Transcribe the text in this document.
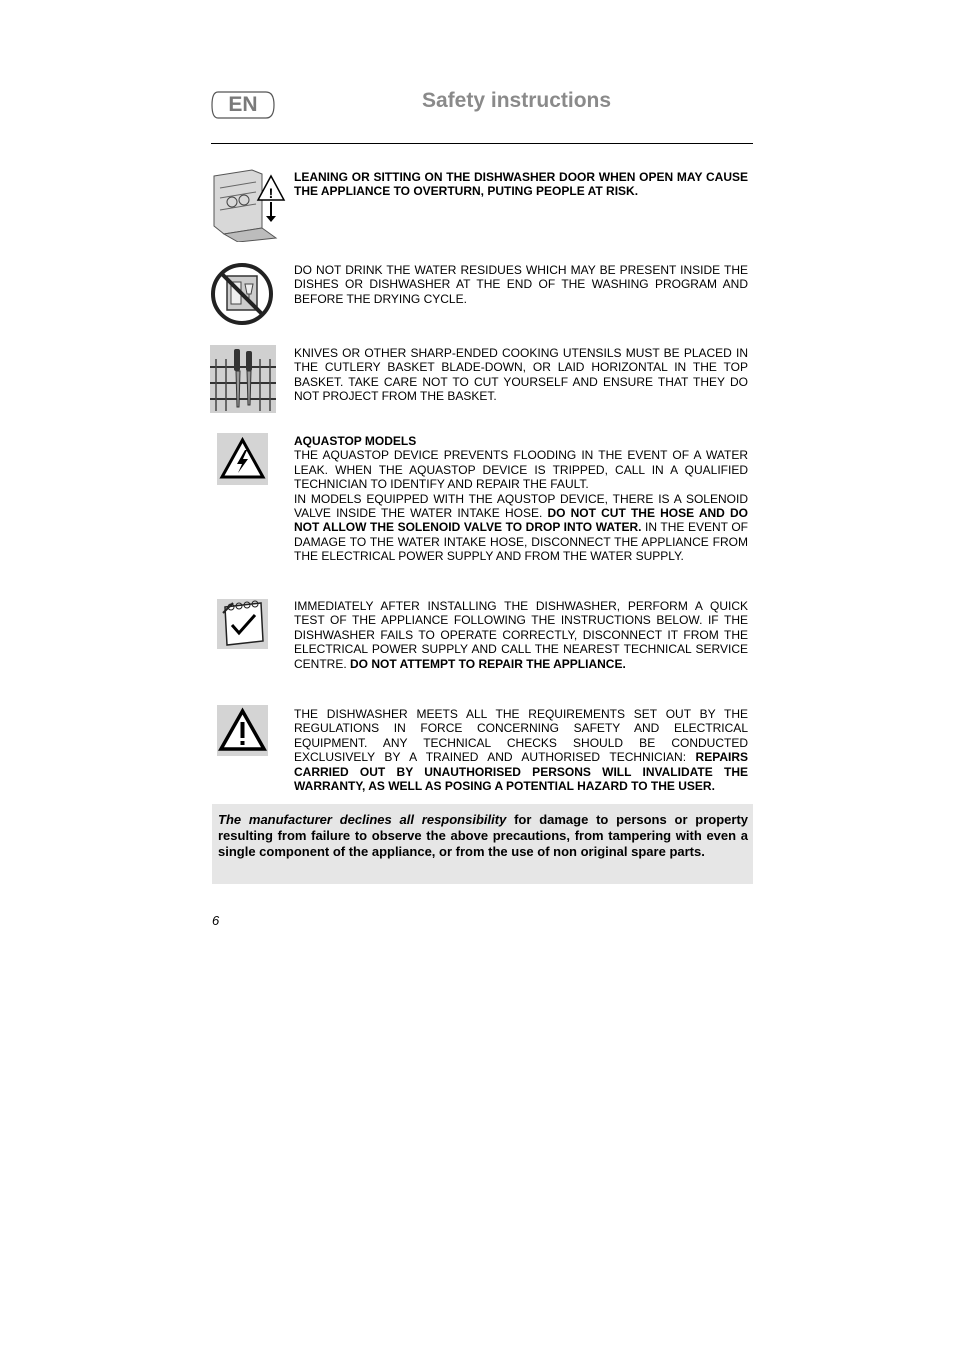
EN	Safety instructions
!

LEANING OR SITTING ON THE DISHWASHER DOOR WHEN OPEN MAY CAUSE THE APPLIANCE TO OVERTURN, PUTING PEOPLE AT RISK.

DO NOT DRINK THE WATER RESIDUES WHICH MAY BE PRESENT INSIDE THE DISHES OR DISHWASHER AT THE END OF THE WASHING PROGRAM AND BEFORE THE DRYING CYCLE.

KNIVES OR OTHER SHARP-ENDED COOKING UTENSILS MUST BE PLACED IN THE CUTLERY BASKET BLADE-DOWN, OR LAID HORIZONTAL IN THE TOP BASKET. TAKE CARE NOT TO CUT YOURSELF AND ENSURE THAT THEY DO NOT PROJECT FROM THE BASKET.

AQUASTOP MODELS

THE AQUASTOP DEVICE PREVENTS FLOODING IN THE EVENT OF A WATER LEAK. WHEN THE AQUASTOP DEVICE IS TRIPPED, CALL IN A QUALIFIED TECHNICIAN TO IDENTIFY AND REPAIR THE FAULT.

IN MODELS EQUIPPED WITH THE AQUSTOP DEVICE, THERE IS A SOLENOID VALVE INSIDE THE WATER INTAKE HOSE. DO NOT CUT THE HOSE AND DO NOT ALLOW THE SOLENOID VALVE TO DROP INTO WATER. IN THE EVENT OF DAMAGE TO THE WATER INTAKE HOSE, DISCONNECT THE APPLIANCE FROM THE ELECTRICAL POWER SUPPLY AND FROM THE WATER SUPPLY.

IMMEDIATELY AFTER INSTALLING THE DISHWASHER, PERFORM A QUICK TEST OF THE APPLIANCE FOLLOWING THE INSTRUCTIONS BELOW. IF THE DISHWASHER FAILS TO OPERATE CORRECTLY, DISCONNECT IT FROM THE ELECTRICAL POWER SUPPLY AND CALL THE NEAREST TECHNICAL SERVICE CENTRE. DO NOT ATTEMPT TO REPAIR THE APPLIANCE.

THE DISHWASHER MEETS ALL THE REQUIREMENTS SET OUT BY THE REGULATIONS IN FORCE CONCERNING SAFETY AND ELECTRICAL EQUIPMENT. ANY TECHNICAL CHECKS SHOULD BE CONDUCTED EXCLUSIVELY BY A TRAINED AND AUTHORISED TECHNICIAN: REPAIRS CARRIED OUT BY UNAUTHORISED PERSONS WILL INVALIDATE THE WARRANTY, AS WELL AS POSING A POTENTIAL HAZARD TO THE USER.

The manufacturer declines all responsibility for damage to persons or property resulting from failure to observe the above precautions, from tampering with even a single component of the appliance, or from the use of non original spare parts.

6
